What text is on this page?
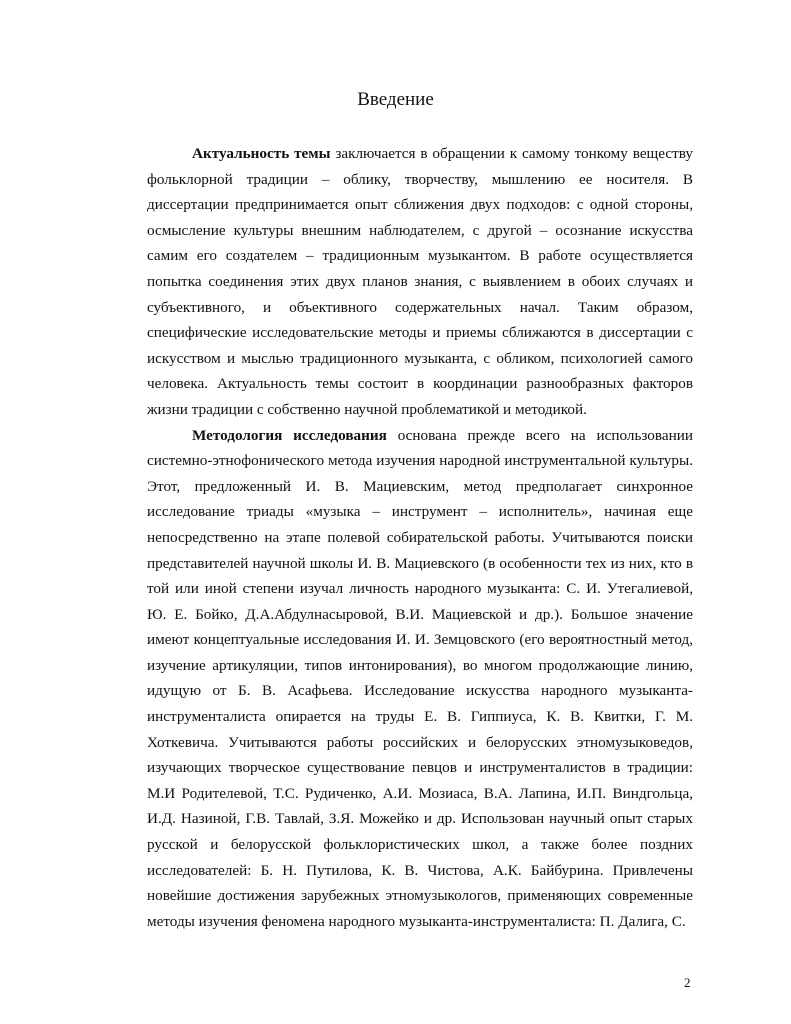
Введение

Актуальность темы заключается в обращении к самому тонкому веществу фольклорной традиции – облику, творчеству, мышлению ее носителя. В диссертации предпринимается опыт сближения двух подходов: с одной стороны, осмысление культуры внешним наблюдателем, с другой – осознание искусства самим его создателем – традиционным музыкантом. В работе осуществляется попытка соединения этих двух планов знания, с выявлением в обоих случаях и субъективного, и объективного содержательных начал. Таким образом, специфические исследовательские методы и приемы сближаются в диссертации с искусством и мыслью традиционного музыканта, с обликом, психологией самого человека. Актуальность темы состоит в координации разнообразных факторов жизни традиции с собственно научной проблематикой и методикой.

Методология исследования основана прежде всего на использовании системно-этнофонического метода изучения народной инструментальной культуры. Этот, предложенный И. В. Мациевским, метод предполагает синхронное исследование триады «музыка – инструмент – исполнитель», начиная еще непосредственно на этапе полевой собирательской работы. Учитываются поиски представителей научной школы И. В. Мациевского (в особенности тех из них, кто в той или иной степени изучал личность народного музыканта: С. И. Утегалиевой, Ю. Е. Бойко, Д.А.Абдулнасыровой, В.И. Мациевской и др.). Большое значение имеют концептуальные исследования И. И. Земцовского (его вероятностный метод, изучение артикуляции, типов интонирования), во многом продолжающие линию, идущую от Б. В. Асафьева. Исследование искусства народного музыканта-инструменталиста опирается на труды Е. В. Гиппиуса, К. В. Квитки, Г. М. Хоткевича. Учитываются работы российских и белорусских этномузыковедов, изучающих творческое существование певцов и инструменталистов в традиции: М.И Родителевой, Т.С. Рудиченко, А.И. Мозиаса, В.А. Лапина, И.П. Виндгольца, И.Д. Назиной, Г.В. Тавлай, З.Я. Можейко и др. Использован научный опыт старых русской и белорусской фольклористических школ, а также более поздних исследователей: Б. Н. Путилова, К. В. Чистова, А.К. Байбурина. Привлечены новейшие достижения зарубежных этномузыкологов, применяющих современные методы изучения феномена народного музыканта-инструменталиста: П. Далига, С.

2
